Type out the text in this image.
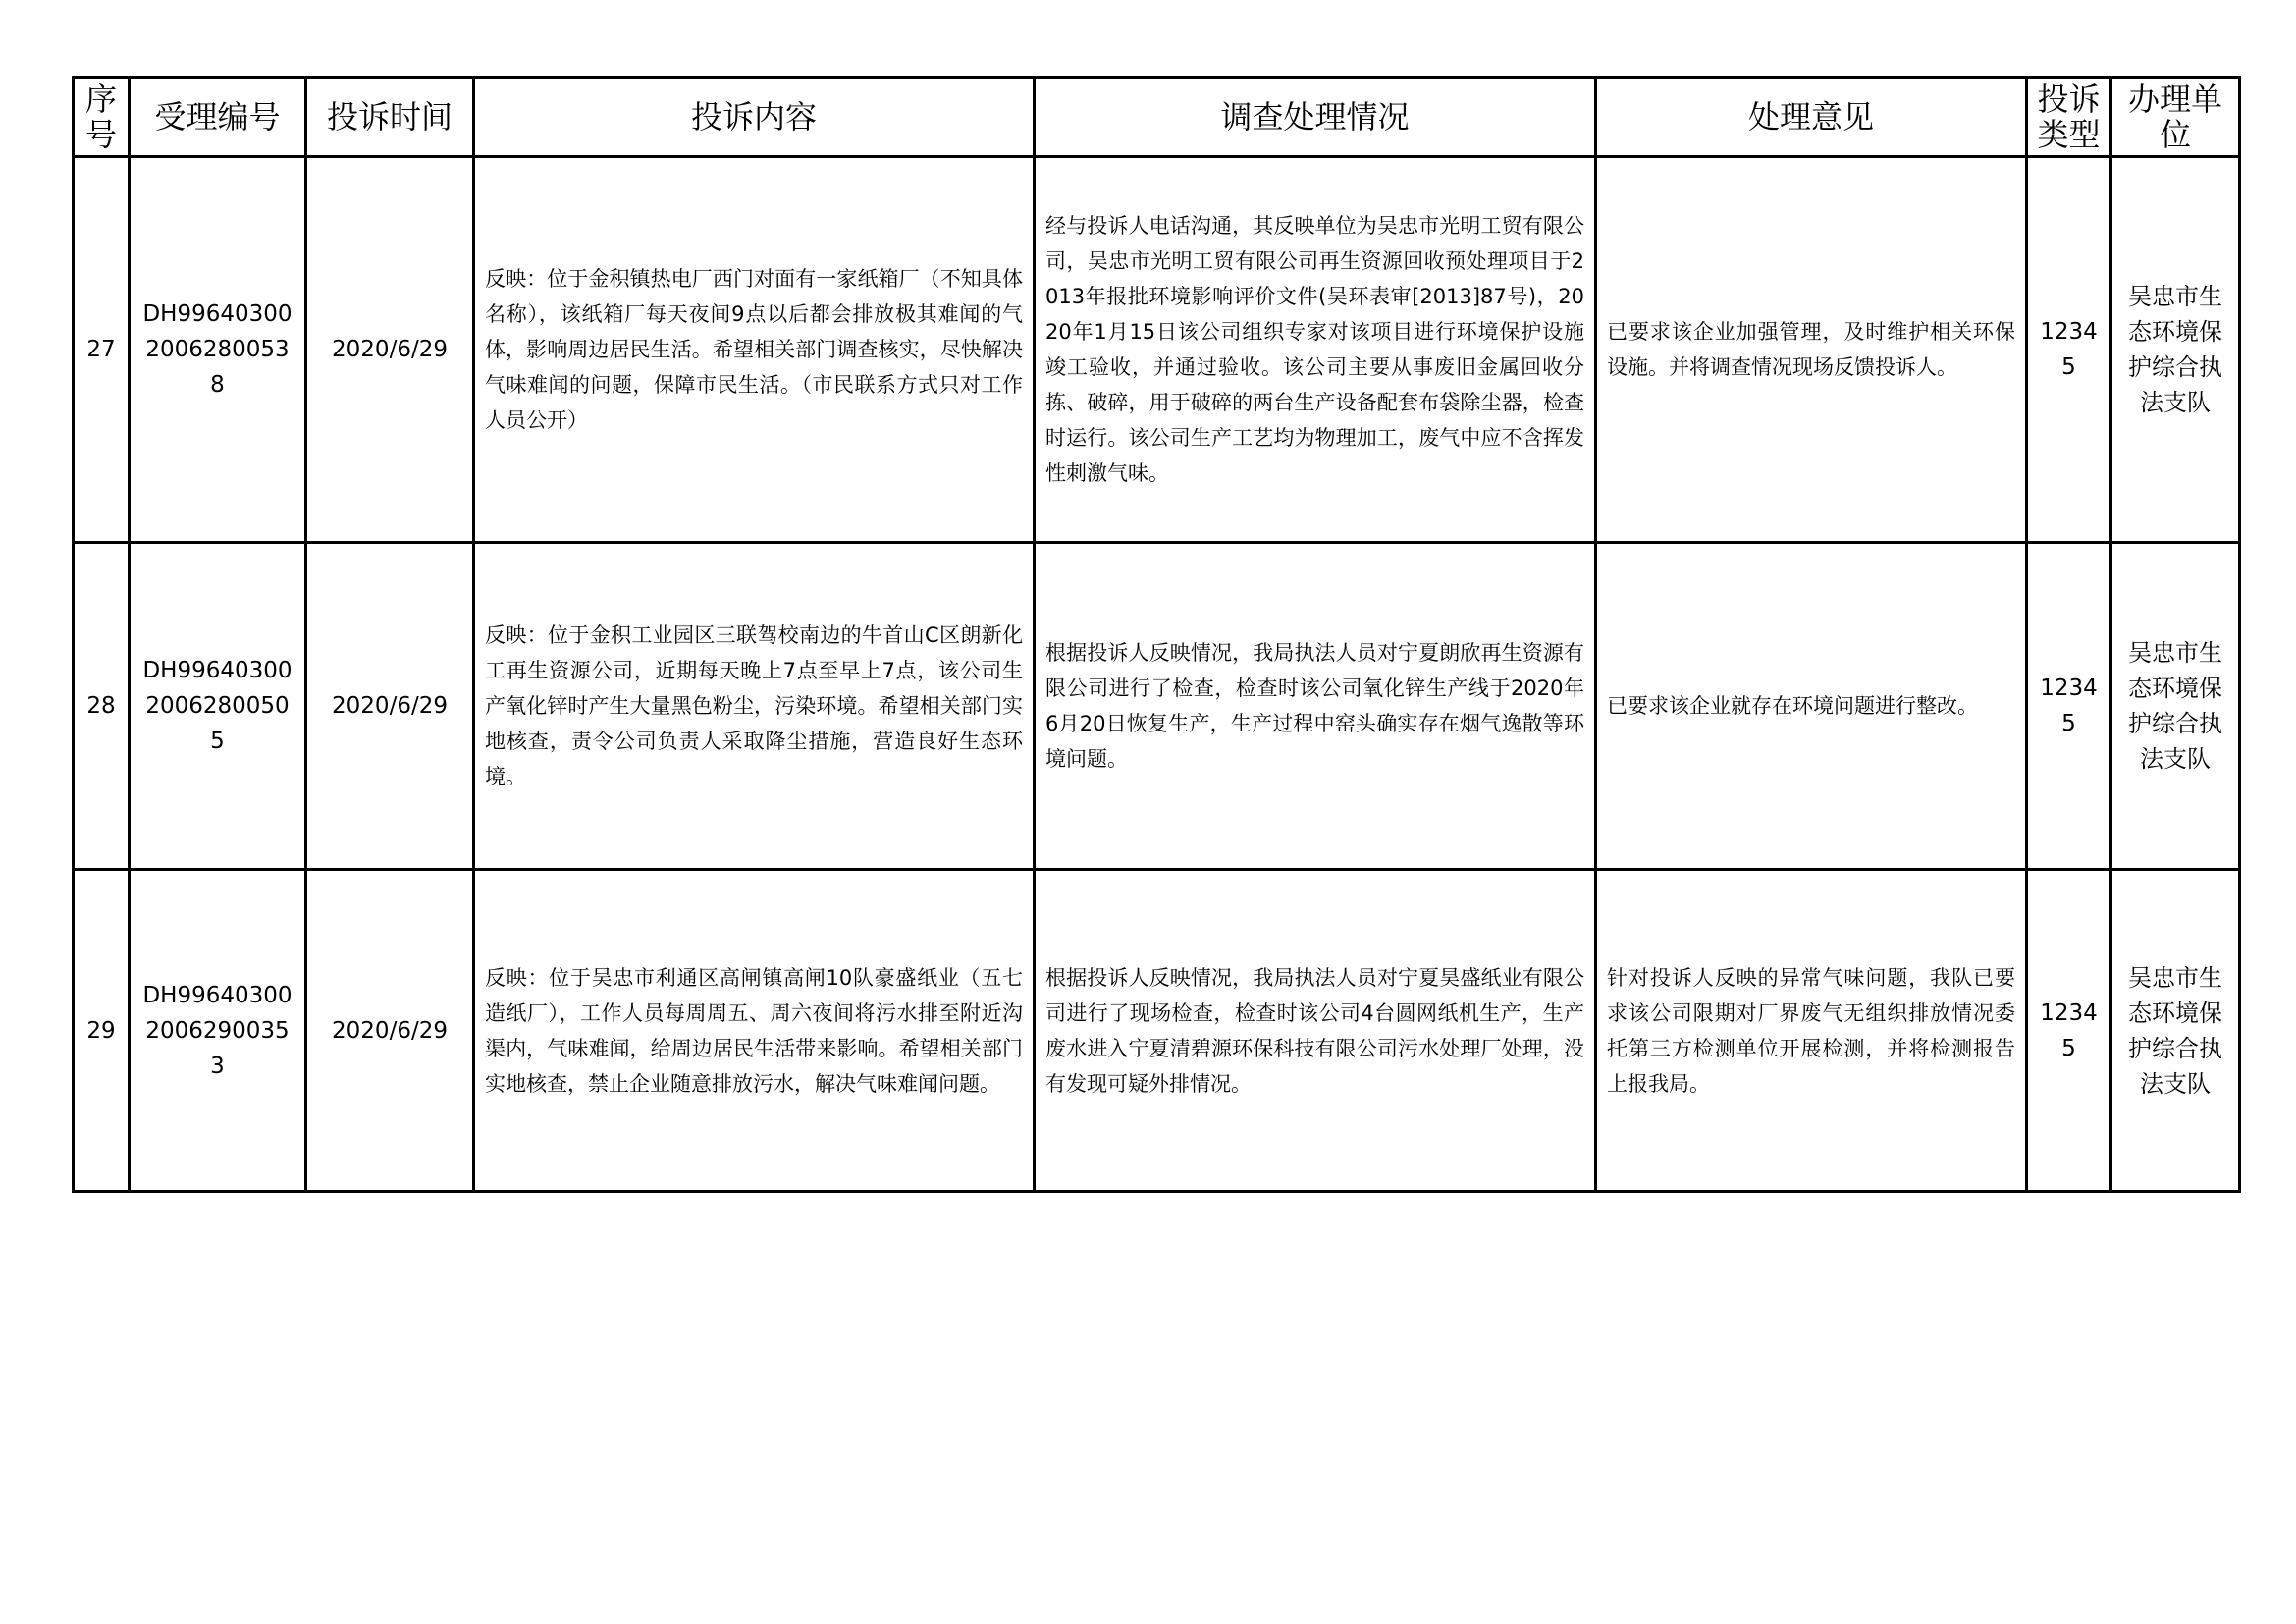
序号	受理编号	投诉时间	投诉内容	调查处理情况	处理意见	投诉类型	办理单位
27	DH9964030020062800538	2020/6/29	反映：位于金积镇热电厂西门对面有一家纸箱厂（不知具体名称），该纸箱厂每天夜间9点以后都会排放极其难闻的气体，影响周边居民生活。希望相关部门调查核实，尽快解决气味难闻的问题，保障市民生活。（市民联系方式只对工作人员公开）	经与投诉人电话沟通，其反映单位为吴忠市光明工贸有限公司，吴忠市光明工贸有限公司再生资源回收预处理项目于2013年报批环境影响评价文件(吴环表审[2013]87号)，2020年1月15日该公司组织专家对该项目进行环境保护设施竣工验收，并通过验收。该公司主要从事废旧金属回收分拣、破碎，用于破碎的两台生产设备配套布袋除尘器，检查时运行。该公司生产工艺均为物理加工，废气中应不含挥发性刺激气味。	已要求该企业加强管理，及时维护相关环保设施。并将调查情况现场反馈投诉人。	12345	吴忠市生态环境保护综合执法支队
28	DH9964030020062800505	2020/6/29	反映：位于金积工业园区三联驾校南边的牛首山C区朗新化工再生资源公司，近期每天晚上7点至早上7点，该公司生产氧化锌时产生大量黑色粉尘，污染环境。希望相关部门实地核查，责令公司负责人采取降尘措施，营造良好生态环境。	根据投诉人反映情况，我局执法人员对宁夏朗欣再生资源有限公司进行了检查，检查时该公司氧化锌生产线于2020年6月20日恢复生产，生产过程中窑头确实存在烟气逸散等环境问题。	已要求该企业就存在环境问题进行整改。	12345	吴忠市生态环境保护综合执法支队
29	DH9964030020062900353	2020/6/29	反映：位于吴忠市利通区高闸镇高闸10队豪盛纸业（五七造纸厂），工作人员每周周五、周六夜间将污水排至附近沟渠内，气味难闻，给周边居民生活带来影响。希望相关部门实地核查，禁止企业随意排放污水，解决气味难闻问题。	根据投诉人反映情况，我局执法人员对宁夏昊盛纸业有限公司进行了现场检查，检查时该公司4台圆网纸机生产，生产废水进入宁夏清碧源环保科技有限公司污水处理厂处理，没有发现可疑外排情况。	针对投诉人反映的异常气味问题，我队已要求该公司限期对厂界废气无组织排放情况委托第三方检测单位开展检测，并将检测报告上报我局。	12345	吴忠市生态环境保护综合执法支队
